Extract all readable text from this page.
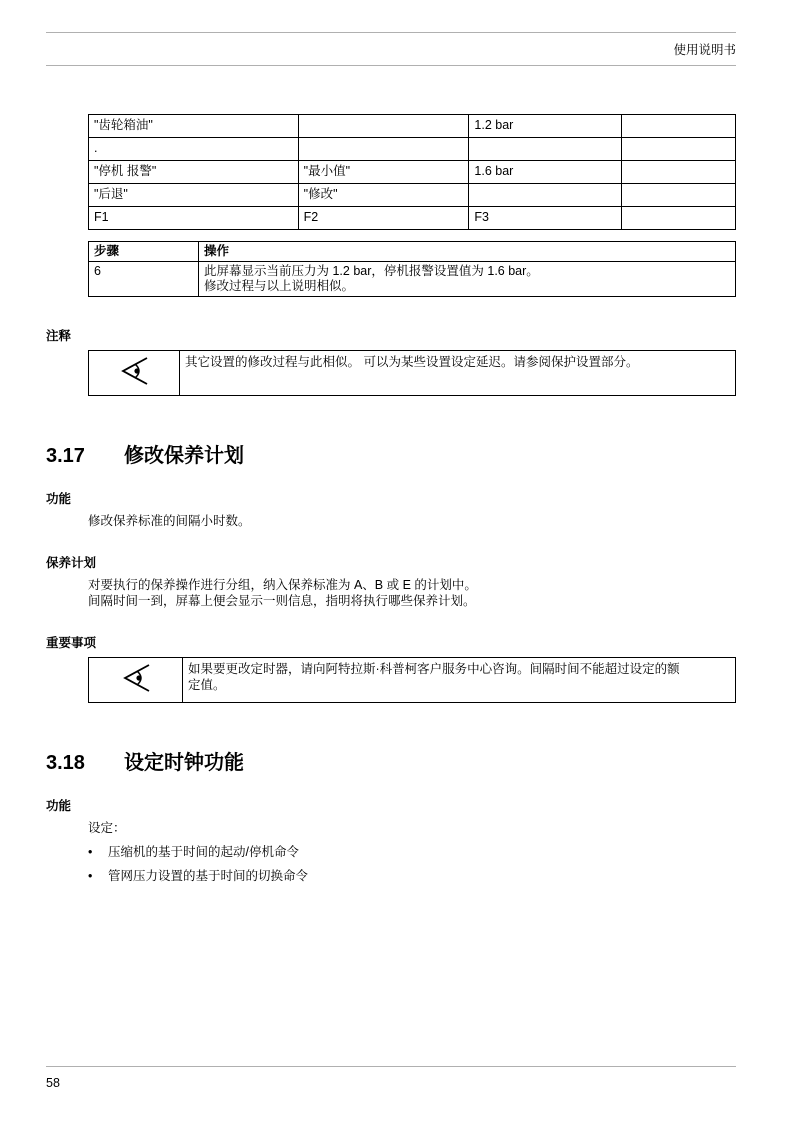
使用说明书
"齿轮箱油"		1.2 bar	
.			
"停机 报警"	"最小值"	1.6 bar	
"后退"	"修改"		
F1	F2	F3	
步骤	操作
6	此屏幕显示当前压力为 1.2 bar，停机报警设置值为 1.6 bar。
修改过程与以上说明相似。
注释
	其它设置的修改过程与此相似。 可以为某些设置设定延迟。请参阅保护设置部分。
3.17 修改保养计划
功能
修改保养标准的间隔小时数。
保养计划
对要执行的保养操作进行分组，纳入保养标准为 A、B 或 E 的计划中。
间隔时间一到，屏幕上便会显示一则信息，指明将执行哪些保养计划。
重要事项

如果要更改定时器，请向阿特拉斯·科普柯客户服务中心咨询。间隔时间不能超过设定的额
定值。
3.18 设定时钟功能
功能
设定：
• 压缩机的基于时间的起动/停机命令
• 管网压力设置的基于时间的切换命令
58
